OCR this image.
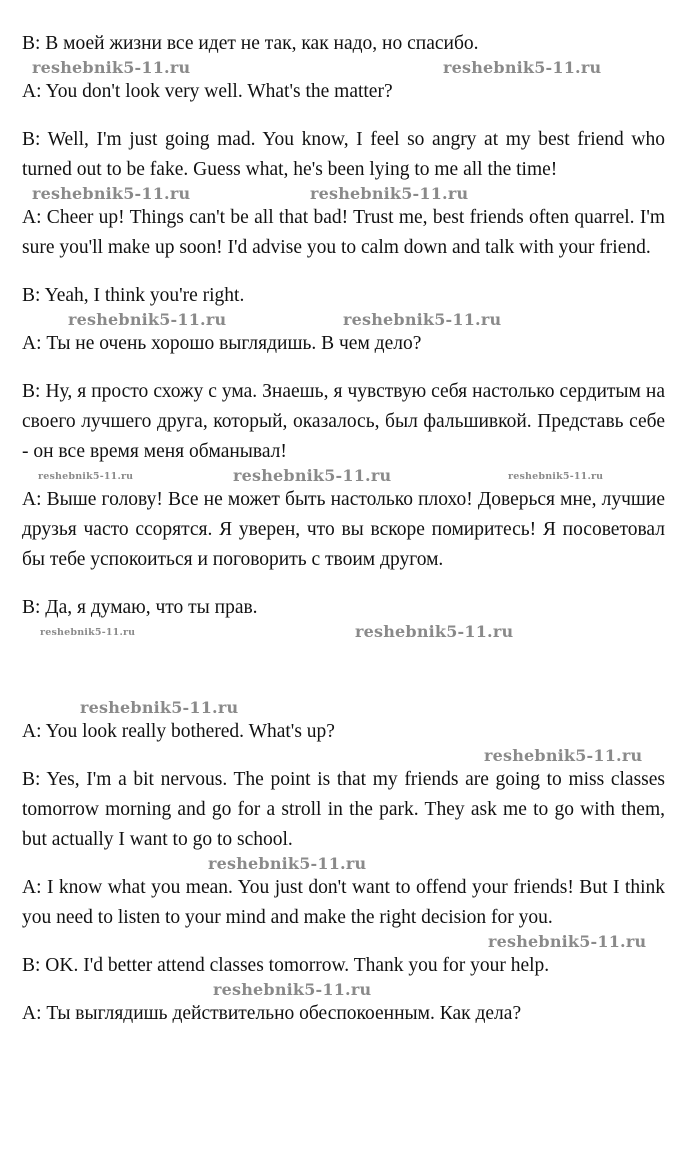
B: В моей жизни все идет не так, как надо, но спасибо.

reshebnik5-11.ru	reshebnik5-11.ru

A: You don't look very well. What's the matter?

B: Well, I'm just going mad. You know, I feel so angry at my best friend who turned out to be fake. Guess what, he's been lying to me all the time!

reshebnik5-11.ru	reshebnik5-11.ru

A: Cheer up! Things can't be all that bad! Trust me, best friends often quarrel. I'm sure you'll make up soon! I'd advise you to calm down and talk with your friend.

B: Yeah, I think you're right.

reshebnik5-11.ru	reshebnik5-11.ru

A: Ты не очень хорошо выглядишь. В чем дело?

B: Ну, я просто схожу с ума. Знаешь, я чувствую себя настолько сердитым на своего лучшего друга, который, оказалось, был фальшивкой. Представь себе - он все время меня обманывал!

reshebnik5-11.ru	reshebnik5-11.ru	reshebnik5-11.ru

A: Выше голову! Все не может быть настолько плохо! Доверься мне, лучшие друзья часто ссорятся. Я уверен, что вы вскоре помиритесь! Я посоветовал бы тебе успокоиться и поговорить с твоим другом.

B: Да, я думаю, что ты прав.

reshebnik5-11.ru	reshebnik5-11.ru
reshebnik5-11.ru

A: You look really bothered. What's up?

reshebnik5-11.ru

B: Yes, I'm a bit nervous. The point is that my friends are going to miss classes tomorrow morning and go for a stroll in the park. They ask me to go with them, but actually I want to go to school.

reshebnik5-11.ru

A: I know what you mean. You just don't want to offend your friends! But I think you need to listen to your mind and make the right decision for you.

reshebnik5-11.ru

B: OK. I'd better attend classes tomorrow. Thank you for your help.

reshebnik5-11.ru

A: Ты выглядишь действительно обеспокоенным. Как дела?
